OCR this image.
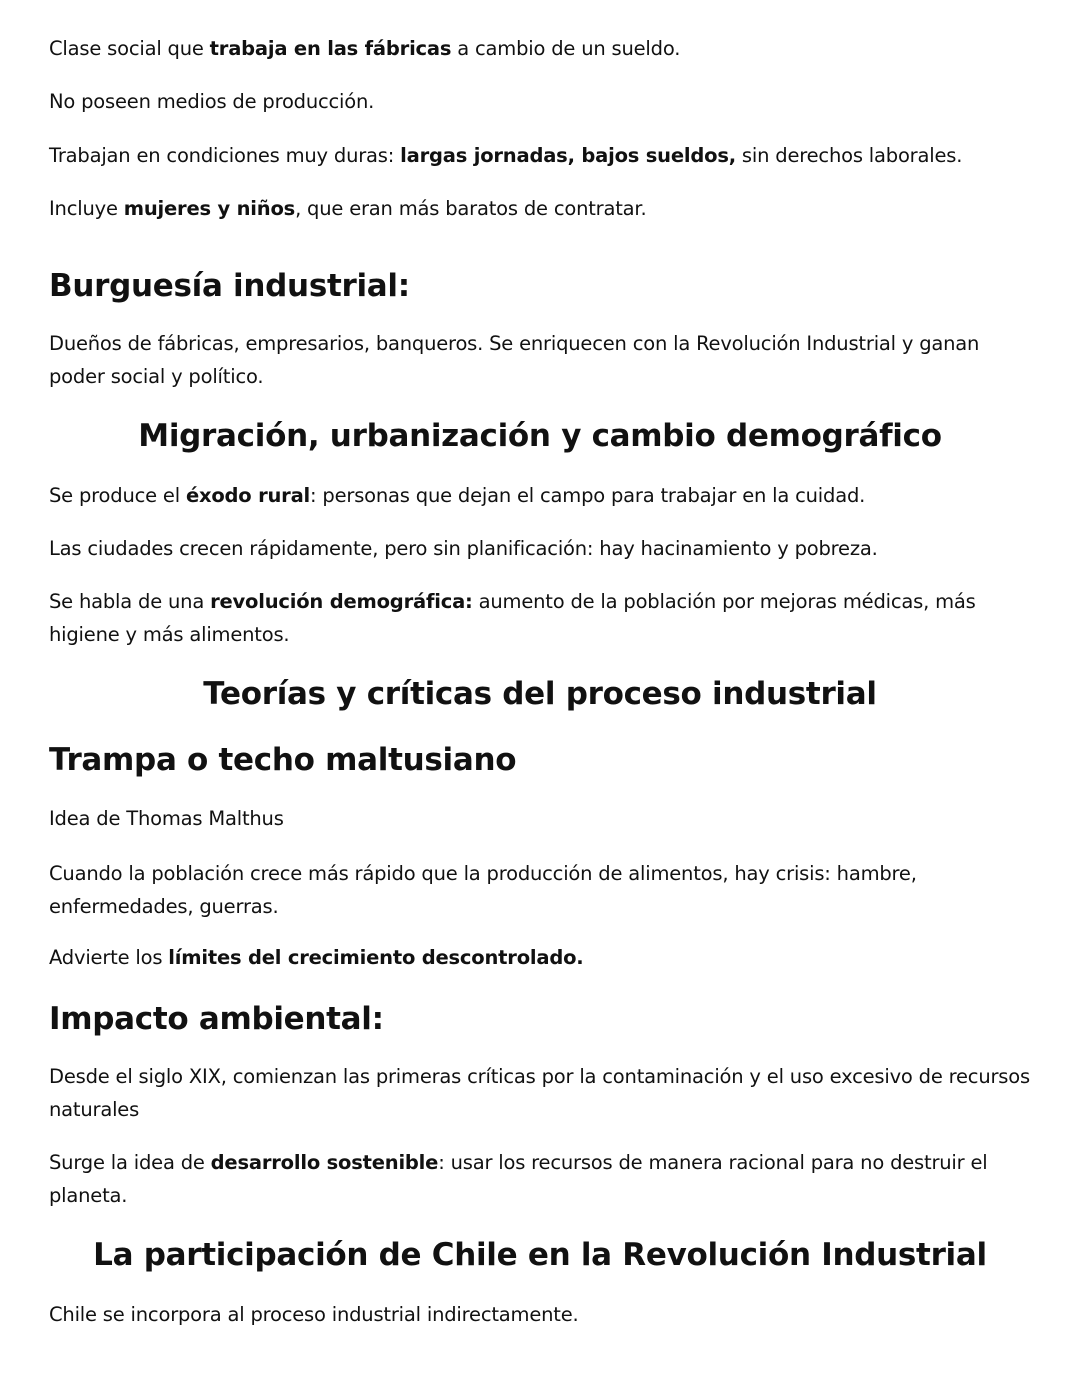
Clase social que trabaja en las fábricas a cambio de un sueldo.

No poseen medios de producción.

Trabajan en condiciones muy duras: largas jornadas, bajos sueldos, sin derechos laborales.

Incluye mujeres y niños, que eran más baratos de contratar.

Burguesía industrial:

Dueños de fábricas, empresarios, banqueros. Se enriquecen con la Revolución Industrial y ganan poder social y político.

Migración, urbanización y cambio demográfico

Se produce el éxodo rural: personas que dejan el campo para trabajar en la cuidad.

Las ciudades crecen rápidamente, pero sin planificación: hay hacinamiento y pobreza.

Se habla de una revolución demográfica: aumento de la población por mejoras médicas, más higiene y más alimentos.

Teorías y críticas del proceso industrial
Trampa o techo maltusiano

Idea de Thomas Malthus

Cuando la población crece más rápido que la producción de alimentos, hay crisis: hambre, enfermedades, guerras.

Advierte los límites del crecimiento descontrolado.

Impacto ambiental:

Desde el siglo XIX, comienzan las primeras críticas por la contaminación y el uso excesivo de recursos naturales

Surge la idea de desarrollo sostenible: usar los recursos de manera racional para no destruir el planeta.

La participación de Chile en la Revolución Industrial

Chile se incorpora al proceso industrial indirectamente.
